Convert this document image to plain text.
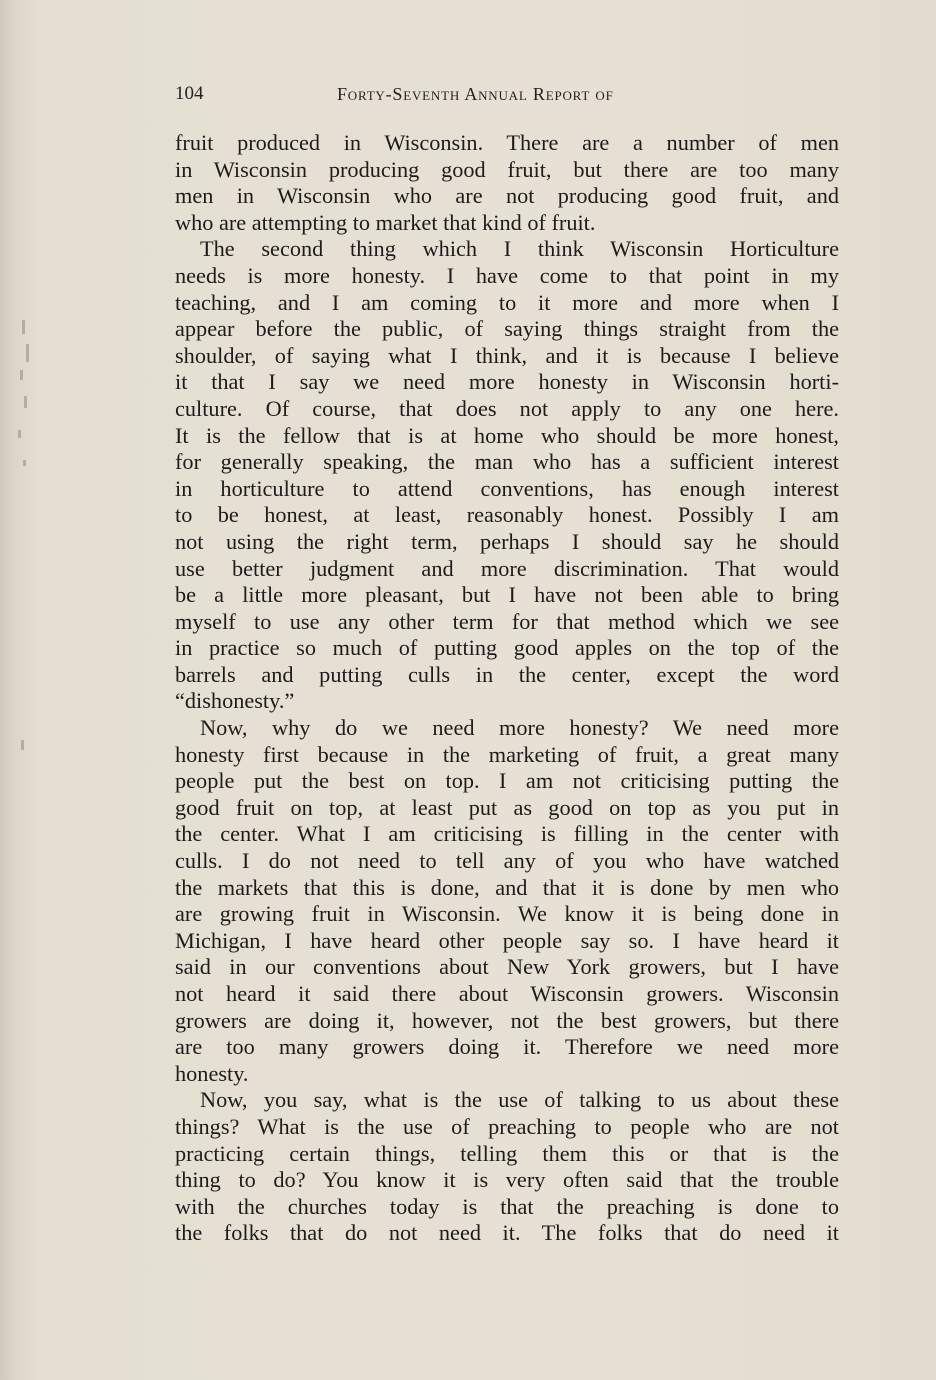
104	Forty-Seventh Annual Report of
fruit produced in Wisconsin. There are a number of men
in Wisconsin producing good fruit, but there are too many
men in Wisconsin who are not producing good fruit, and
who are attempting to market that kind of fruit.
The second thing which I think Wisconsin Horticulture
needs is more honesty. I have come to that point in my
teaching, and I am coming to it more and more when I
appear before the public, of saying things straight from the
shoulder, of saying what I think, and it is because I believe
it that I say we need more honesty in Wisconsin horti-
culture. Of course, that does not apply to any one here.
It is the fellow that is at home who should be more honest,
for generally speaking, the man who has a sufficient interest
in horticulture to attend conventions, has enough interest
to be honest, at least, reasonably honest. Possibly I am
not using the right term, perhaps I should say he should
use better judgment and more discrimination. That would
be a little more pleasant, but I have not been able to bring
myself to use any other term for that method which we see
in practice so much of putting good apples on the top of the
barrels and putting culls in the center, except the word
“dishonesty.”
Now, why do we need more honesty? We need more
honesty first because in the marketing of fruit, a great many
people put the best on top. I am not criticising putting the
good fruit on top, at least put as good on top as you put in
the center. What I am criticising is filling in the center with
culls. I do not need to tell any of you who have watched
the markets that this is done, and that it is done by men who
are growing fruit in Wisconsin. We know it is being done in
Michigan, I have heard other people say so. I have heard it
said in our conventions about New York growers, but I have
not heard it said there about Wisconsin growers. Wisconsin
growers are doing it, however, not the best growers, but there
are too many growers doing it. Therefore we need more
honesty.
Now, you say, what is the use of talking to us about these
things? What is the use of preaching to people who are not
practicing certain things, telling them this or that is the
thing to do? You know it is very often said that the trouble
with the churches today is that the preaching is done to
the folks that do not need it. The folks that do need it
